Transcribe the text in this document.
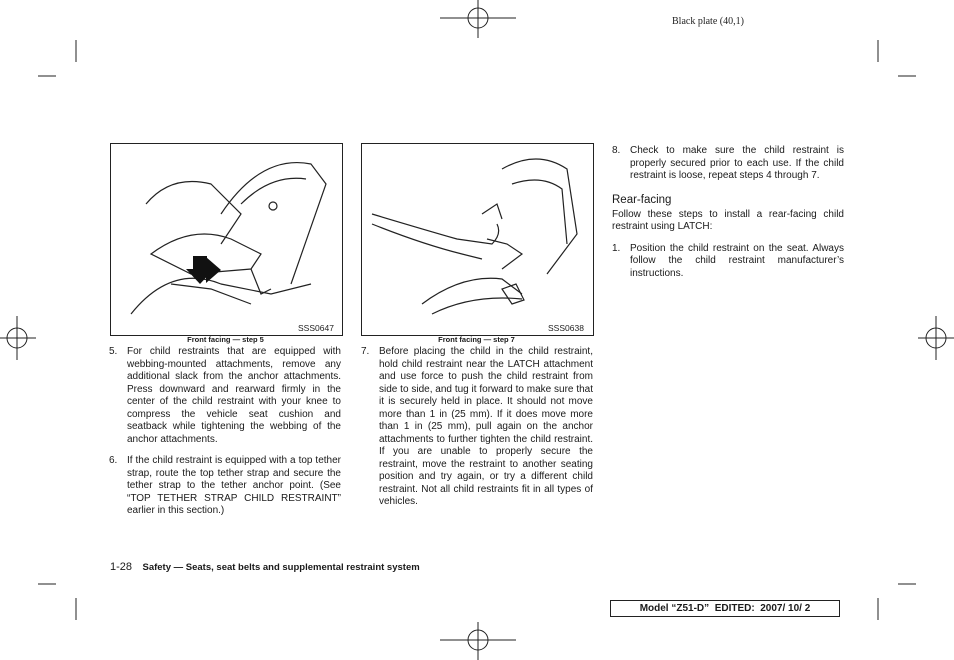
Black plate (40,1)
SSS0647
Front facing — step 5
SSS0638
Front facing — step 7
5. For child restraints that are equipped with webbing-mounted attachments, remove any additional slack from the anchor attachments. Press downward and rearward firmly in the center of the child restraint with your knee to compress the vehicle seat cushion and seatback while tightening the webbing of the anchor attachments.
6. If the child restraint is equipped with a top tether strap, route the top tether strap and secure the tether strap to the tether anchor point. (See “TOP TETHER STRAP CHILD RESTRAINT” earlier in this section.)
7. Before placing the child in the child restraint, hold child restraint near the LATCH attachment and use force to push the child restraint from side to side, and tug it forward to make sure that it is securely held in place. It should not move more than 1 in (25 mm). If it does move more than 1 in (25 mm), pull again on the anchor attachments to further tighten the child restraint. If you are unable to properly secure the restraint, move the restraint to another seating position and try again, or try a different child restraint. Not all child restraints fit in all types of vehicles.
8. Check to make sure the child restraint is properly secured prior to each use. If the child restraint is loose, repeat steps 4 through 7.
Rear-facing

Follow these steps to install a rear-facing child restraint using LATCH:

1. Position the child restraint on the seat. Always follow the child restraint manufacturer’s instructions.
1-28 Safety — Seats, seat belts and supplemental restraint system
Model “Z51-D”  EDITED:  2007/ 10/ 2
